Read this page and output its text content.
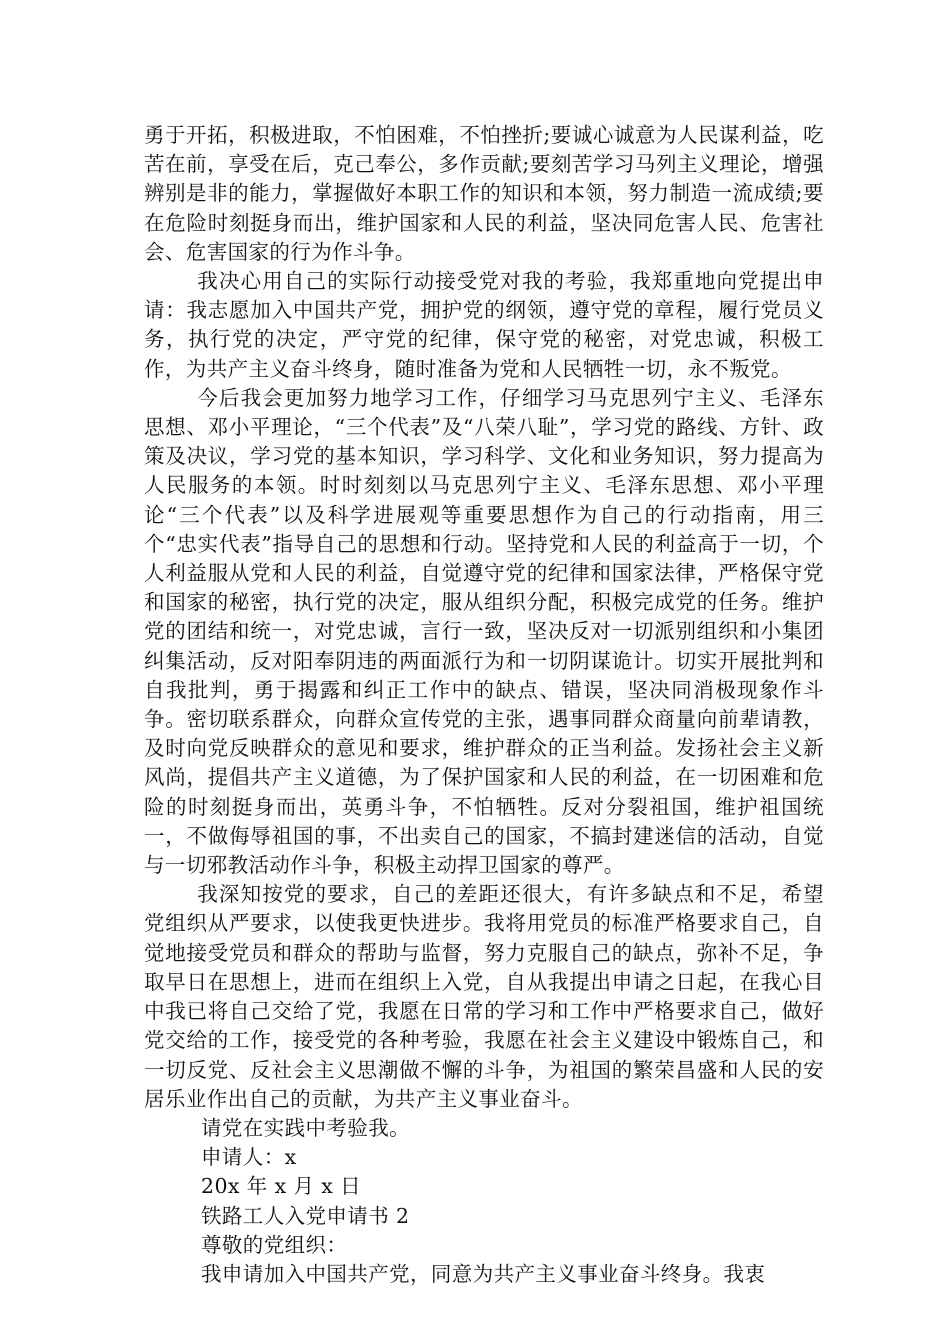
勇于开拓，积极进取，不怕困难，不怕挫折;要诚心诚意为人民谋利益，吃苦在前，享受在后，克己奉公，多作贡献;要刻苦学习马列主义理论，增强辨别是非的能力，掌握做好本职工作的知识和本领，努力制造一流成绩;要在危险时刻挺身而出，维护国家和人民的利益，坚决同危害人民、危害社会、危害国家的行为作斗争。

我决心用自己的实际行动接受党对我的考验，我郑重地向党提出申请：我志愿加入中国共产党，拥护党的纲领，遵守党的章程，履行党员义务，执行党的决定，严守党的纪律，保守党的秘密，对党忠诚，积极工作，为共产主义奋斗终身，随时准备为党和人民牺牲一切，永不叛党。

今后我会更加努力地学习工作，仔细学习马克思列宁主义、毛泽东思想、邓小平理论，“三个代表”及“八荣八耻”，学习党的路线、方针、政策及决议，学习党的基本知识，学习科学、文化和业务知识，努力提高为人民服务的本领。时时刻刻以马克思列宁主义、毛泽东思想、邓小平理论“三个代表”以及科学进展观等重要思想作为自己的行动指南，用三个“忠实代表”指导自己的思想和行动。坚持党和人民的利益高于一切，个人利益服从党和人民的利益，自觉遵守党的纪律和国家法律，严格保守党和国家的秘密，执行党的决定，服从组织分配，积极完成党的任务。维护党的团结和统一，对党忠诚，言行一致，坚决反对一切派别组织和小集团纠集活动，反对阳奉阴违的两面派行为和一切阴谋诡计。切实开展批判和自我批判，勇于揭露和纠正工作中的缺点、错误，坚决同消极现象作斗争。密切联系群众，向群众宣传党的主张，遇事同群众商量向前辈请教，及时向党反映群众的意见和要求，维护群众的正当利益。发扬社会主义新风尚，提倡共产主义道德，为了保护国家和人民的利益，在一切困难和危险的时刻挺身而出，英勇斗争，不怕牺牲。反对分裂祖国，维护祖国统一，不做侮辱祖国的事，不出卖自己的国家，不搞封建迷信的活动，自觉与一切邪教活动作斗争，积极主动捍卫国家的尊严。

我深知按党的要求，自己的差距还很大，有许多缺点和不足，希望党组织从严要求，以使我更快进步。我将用党员的标准严格要求自己，自觉地接受党员和群众的帮助与监督，努力克服自己的缺点，弥补不足，争取早日在思想上，进而在组织上入党，自从我提出申请之日起，在我心目中我已将自己交给了党，我愿在日常的学习和工作中严格要求自己，做好党交给的工作，接受党的各种考验，我愿在社会主义建设中锻炼自己，和一切反党、反社会主义思潮做不懈的斗争，为祖国的繁荣昌盛和人民的安居乐业作出自己的贡献，为共产主义事业奋斗。

请党在实践中考验我。

申请人：x

20x 年 x 月 x 日

铁路工人入党申请书 2

尊敬的党组织：

我申请加入中国共产党，同意为共产主义事业奋斗终身。我衷
